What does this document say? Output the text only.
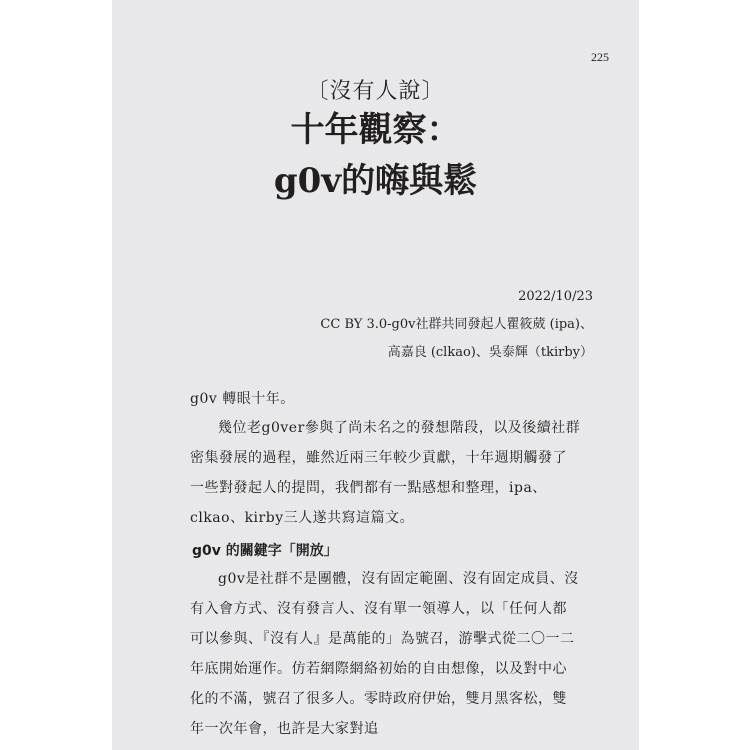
225
〔沒有人說〕
十年觀察：
g0v的嗨與鬆
2022/10/23
CC BY 3.0-g0v社群共同發起人瞿筱葳 (ipa)、
高嘉良 (clkao)、吳泰輝（tkirby）
g0v 轉眼十年。
幾位老g0ver參與了尚未名之的發想階段，以及後續社群密集發展的過程，雖然近兩三年較少貢獻，十年週期觸發了一些對發起人的提問，我們都有一點感想和整理，ipa、clkao、kirby三人遂共寫這篇文。
g0v 的關鍵字「開放」
g0v是社群不是團體，沒有固定範圍、沒有固定成員、沒有入會方式、沒有發言人、沒有單一領導人，以「任何人都可以參與、『沒有人』是萬能的」為號召，游擊式從二〇一二年底開始運作。仿若網際網絡初始的自由想像，以及對中心化的不滿，號召了很多人。零時政府伊始，雙月黑客松，雙年一次年會，也許是大家對追
